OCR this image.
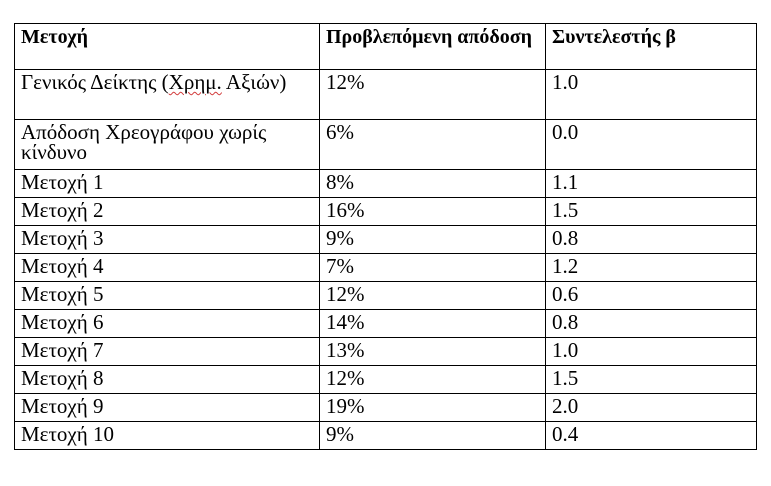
Μετοχή	Προβλεπόμενη απόδοση	Συντελεστής β
Γενικός Δείκτης (Χρημ. Αξιών)	12%	1.0
Απόδοση Χρεογράφου χωρίς κίνδυνο	6%	0.0
Μετοχή 1	8%	1.1
Μετοχή 2	16%	1.5
Μετοχή 3	9%	0.8
Μετοχή 4	7%	1.2
Μετοχή 5	12%	0.6
Μετοχή 6	14%	0.8
Μετοχή 7	13%	1.0
Μετοχή 8	12%	1.5
Μετοχή 9	19%	2.0
Μετοχή 10	9%	0.4
